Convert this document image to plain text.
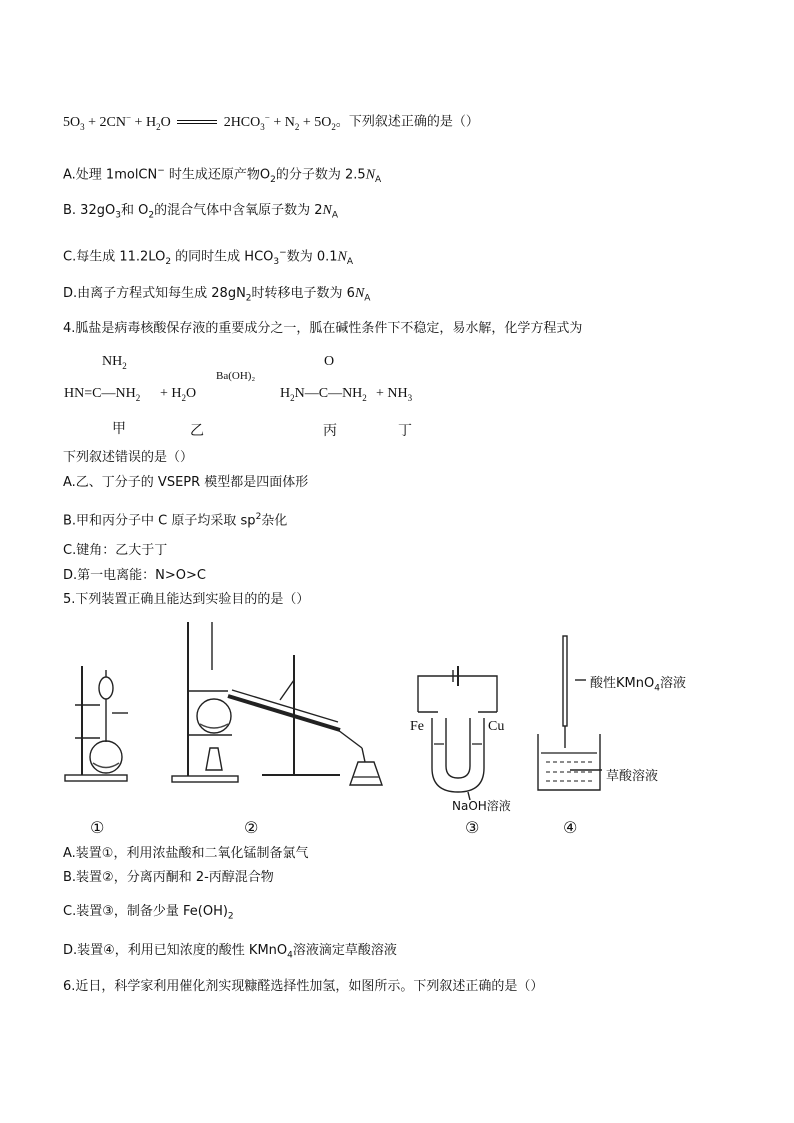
$5O_3 + 2CN^- + H_2O$	$2HCO_3^- + N_2 + 5O_2$。下列叙述正确的是（）
A.处理 1molCN− 时生成还原产物$O_2$的分子数为 $2.5N_A$
B. $32gO_3$和 $O_2$的混合气体中含氧原子数为 $2N_A$
C.每生成 $11.2LO_2$ 的同时生成 $HCO_3^-$数为 $0.1N_A$
D.由离子方程式知每生成 $28gN_2$时转移电子数为 $6N_A$
4.胍盐是病毒核酸保存液的重要成分之一，胍在碱性条件下不稳定，易水解，化学方程式为
$NH_2$
$HN=C—NH_2 + H_2O$
Ba(OH)₂
O
$H_2N—C—NH_2 + NH_3$
甲	乙	丙	丁
下列叙述错误的是（）
A.乙、丁分子的 VSEPR 模型都是四面体形
B.甲和丙分子中 C 原子均采取 $sp^2$杂化
C.键角：乙大于丁
D.第一电离能：N>O>C
5.下列装置正确且能达到实验目的的是（）
Fe	Cu
NaOH溶液
酸性KMnO$_4$溶液
草酸溶液
①	②	③	④
A.装置①，利用浓盐酸和二氧化锰制备氯气
B.装置②，分离丙酮和 2-丙醇混合物
C.装置③，制备少量 $Fe(OH)_2$
D.装置④，利用已知浓度的酸性 KMnO$_4$溶液滴定草酸溶液
6.近日，科学家利用催化剂实现糠醛选择性加氢，如图所示。下列叙述正确的是（）
